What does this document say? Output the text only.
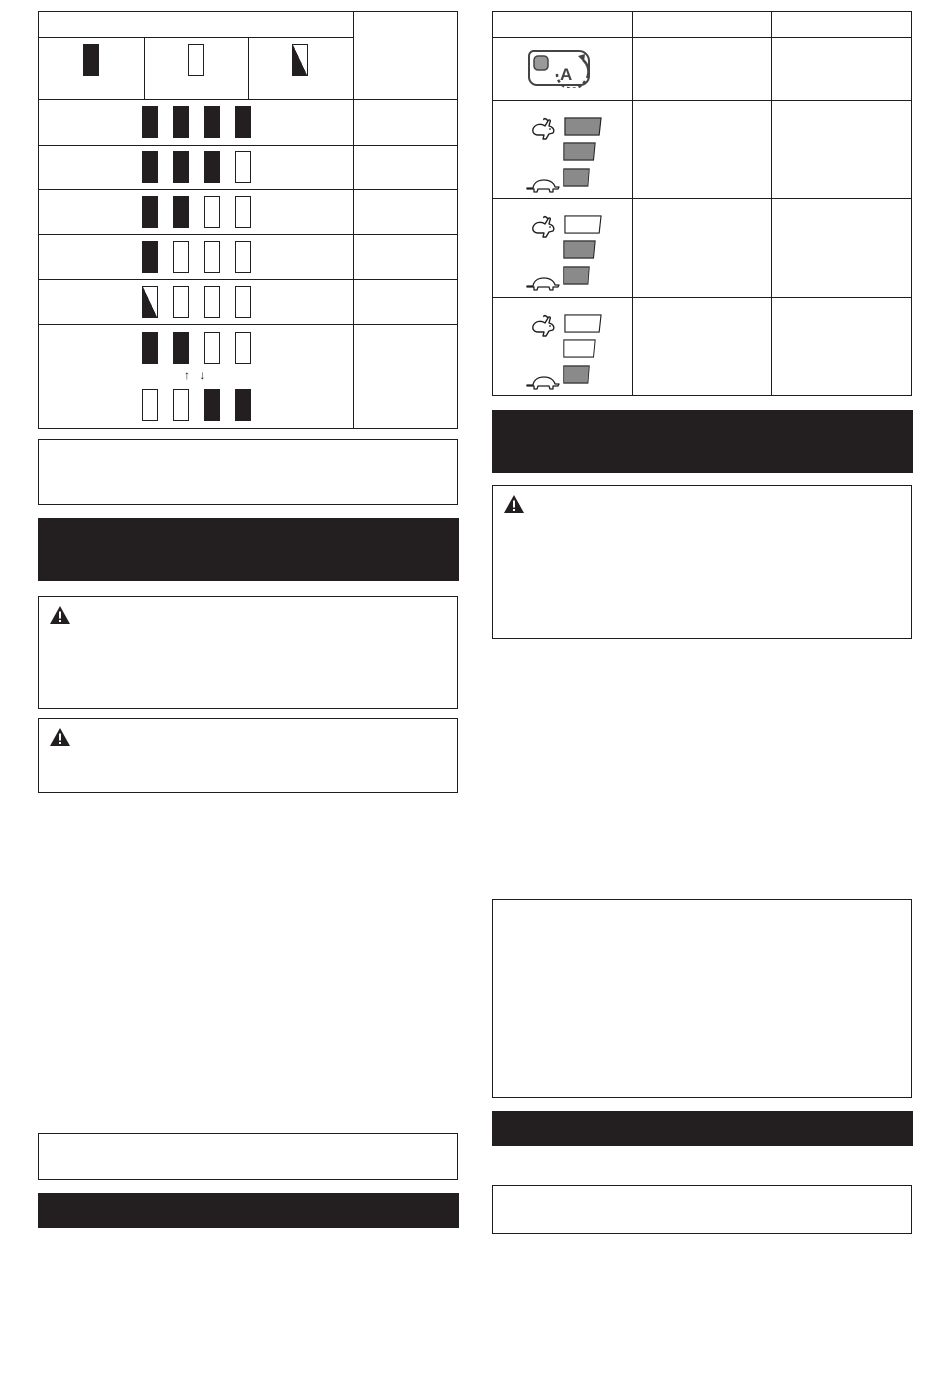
↑ ↓
A
